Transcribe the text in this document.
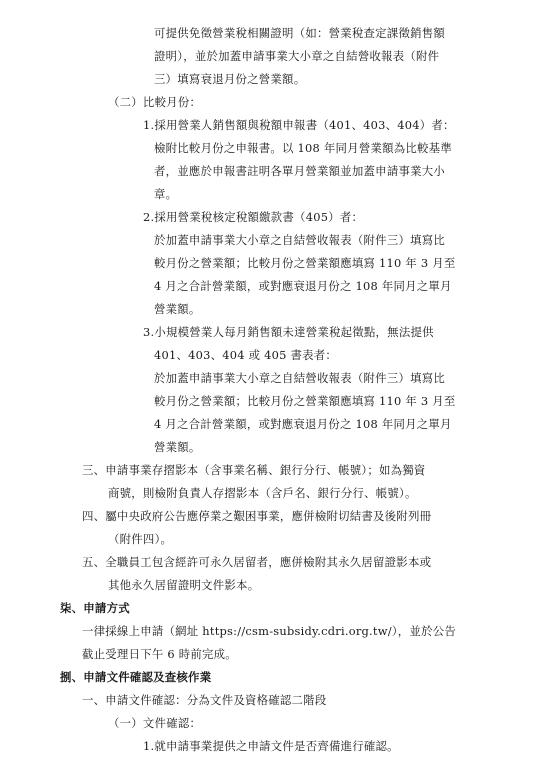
可提供免徵營業稅相關證明（如：營業稅查定課徵銷售額
證明），並於加蓋申請事業大小章之自結營收報表（附件
三）填寫衰退月份之營業額。
（二）比較月份：
1.採用營業人銷售額與稅額申報書（401、403、404）者：
檢附比較月份之申報書。以 108 年同月營業額為比較基準
者，並應於申報書註明各單月營業額並加蓋申請事業大小
章。
2.採用營業稅核定稅額繳款書（405）者：
於加蓋申請事業大小章之自結營收報表（附件三）填寫比
較月份之營業額；比較月份之營業額應填寫 110 年 3 月至
4 月之合計營業額，或對應衰退月份之 108 年同月之單月
營業額。
3.小規模營業人每月銷售額未達營業稅起徵點，無法提供
401、403、404 或 405 書表者：
於加蓋申請事業大小章之自結營收報表（附件三）填寫比
較月份之營業額；比較月份之營業額應填寫 110 年 3 月至
4 月之合計營業額，或對應衰退月份之 108 年同月之單月
營業額。
三、申請事業存摺影本（含事業名稱、銀行分行、帳號）；如為獨資
商號，則檢附負責人存摺影本（含戶名、銀行分行、帳號）。
四、屬中央政府公告應停業之艱困事業，應併檢附切結書及後附列冊
（附件四）。
五、全職員工包含經許可永久居留者，應併檢附其永久居留證影本或
其他永久居留證明文件影本。
柒、申請方式
一律採線上申請（網址 https://csm-subsidy.cdri.org.tw/），並於公告
截止受理日下午 6 時前完成。
捌、申請文件確認及查核作業
一、申請文件確認：分為文件及資格確認二階段
（一）文件確認：
1.就申請事業提供之申請文件是否齊備進行確認。
